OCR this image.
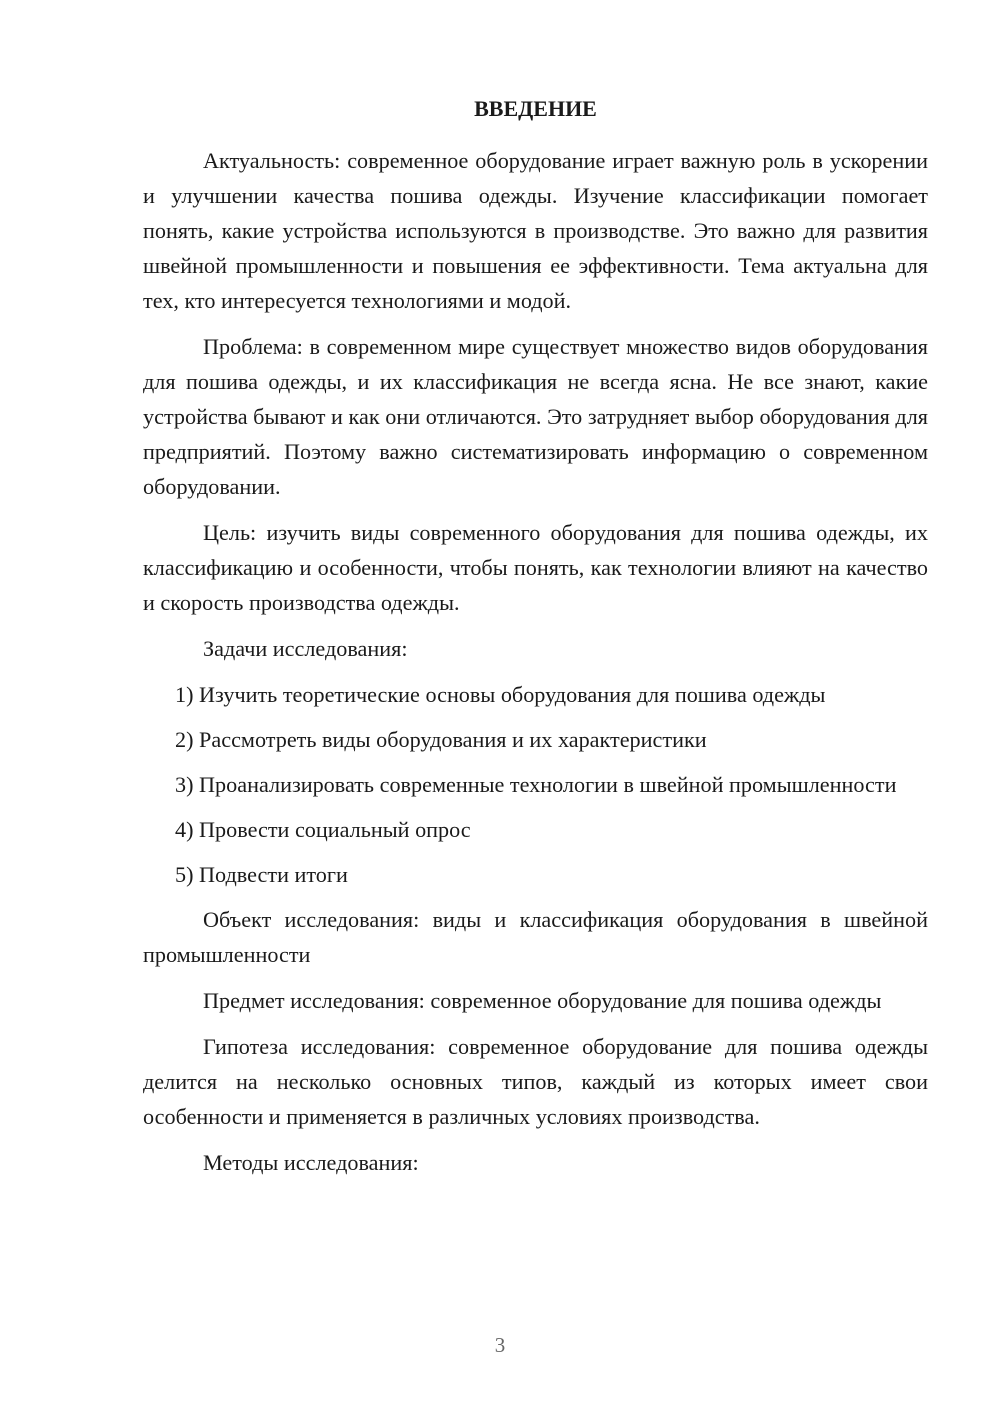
ВВЕДЕНИЕ

Актуальность: современное оборудование играет важную роль в ускорении и улучшении качества пошива одежды. Изучение классификации помогает понять, какие устройства используются в производстве. Это важно для развития швейной промышленности и повышения ее эффективности. Тема актуальна для тех, кто интересуется технологиями и модой.

Проблема: в современном мире существует множество видов оборудования для пошива одежды, и их классификация не всегда ясна. Не все знают, какие устройства бывают и как они отличаются. Это затрудняет выбор оборудования для предприятий. Поэтому важно систематизировать информацию о современном оборудовании.

Цель: изучить виды современного оборудования для пошива одежды, их классификацию и особенности, чтобы понять, как технологии влияют на качество и скорость производства одежды.

Задачи исследования:

1) Изучить теоретические основы оборудования для пошива одежды

2) Рассмотреть виды оборудования и их характеристики

3) Проанализировать современные технологии в швейной промышленности

4) Провести социальный опрос

5) Подвести итоги

Объект исследования: виды и классификация оборудования в швейной промышленности

Предмет исследования: современное оборудование для пошива одежды

Гипотеза исследования: современное оборудование для пошива одежды делится на несколько основных типов, каждый из которых имеет свои особенности и применяется в различных условиях производства.

Методы исследования:

3
